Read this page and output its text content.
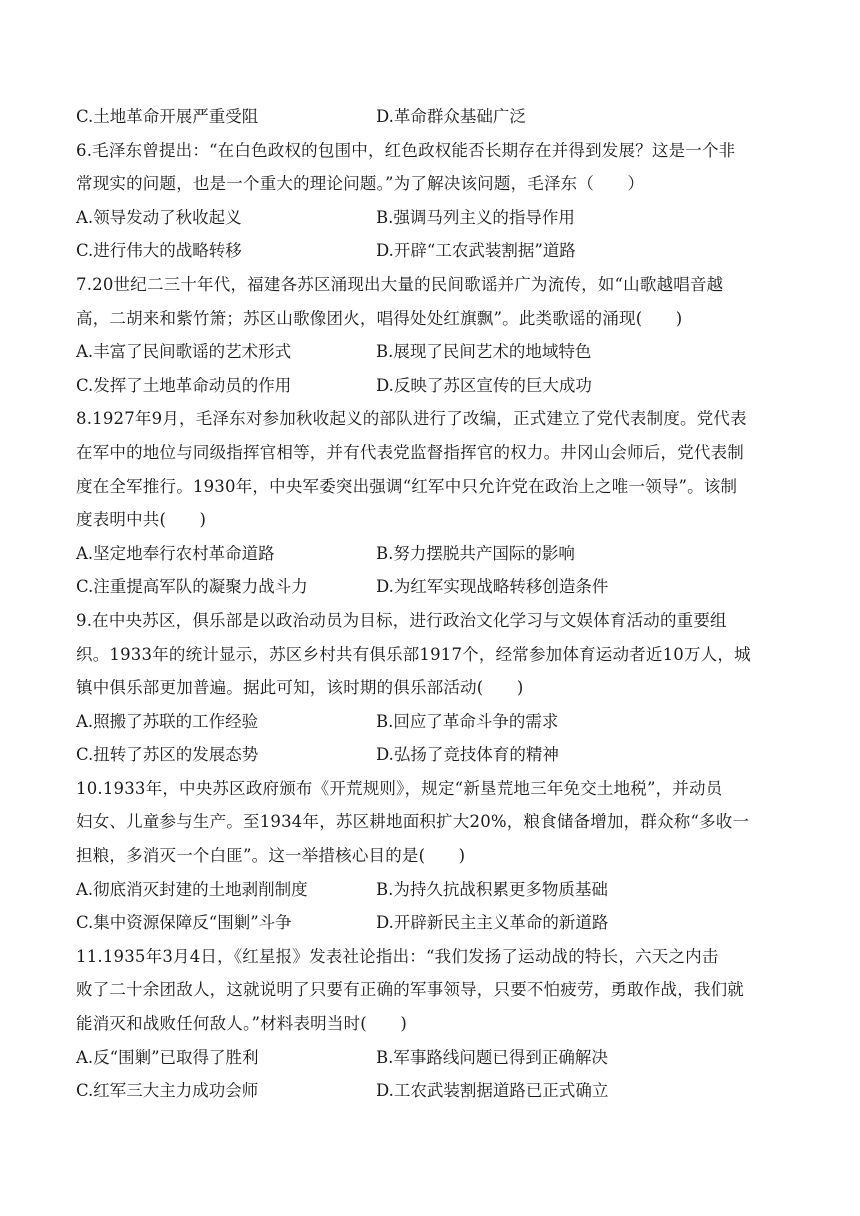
C.土地革命开展严重受阻	D.革命群众基础广泛
6.毛泽东曾提出：“在白色政权的包围中，红色政权能否长期存在并得到发展？这是一个非
常现实的问题，也是一个重大的理论问题。”为了解决该问题，毛泽东（　　）
A.领导发动了秋收起义	B.强调马列主义的指导作用
C.进行伟大的战略转移	D.开辟“工农武装割据”道路
7.20世纪二三十年代，福建各苏区涌现出大量的民间歌谣并广为流传，如“山歌越唱音越
高，二胡来和紫竹箫；苏区山歌像团火，唱得处处红旗飘”。此类歌谣的涌现(　　)
A.丰富了民间歌谣的艺术形式	B.展现了民间艺术的地域特色
C.发挥了土地革命动员的作用	D.反映了苏区宣传的巨大成功
8.1927年9月，毛泽东对参加秋收起义的部队进行了改编，正式建立了党代表制度。党代表
在军中的地位与同级指挥官相等，并有代表党监督指挥官的权力。井冈山会师后，党代表制
度在全军推行。1930年，中央军委突出强调“红军中只允许党在政治上之唯一领导”。该制
度表明中共(　　)
A.坚定地奉行农村革命道路	B.努力摆脱共产国际的影响
C.注重提高军队的凝聚力战斗力	D.为红军实现战略转移创造条件
9.在中央苏区，俱乐部是以政治动员为目标，进行政治文化学习与文娱体育活动的重要组
织。1933年的统计显示，苏区乡村共有俱乐部1917个，经常参加体育运动者近10万人，城
镇中俱乐部更加普遍。据此可知，该时期的俱乐部活动(　　)
A.照搬了苏联的工作经验	B.回应了革命斗争的需求
C.扭转了苏区的发展态势	D.弘扬了竞技体育的精神
10.1933年，中央苏区政府颁布《开荒规则》，规定“新垦荒地三年免交土地税”，并动员
妇女、儿童参与生产。至1934年，苏区耕地面积扩大20%，粮食储备增加，群众称“多收一
担粮，多消灭一个白匪”。这一举措核心目的是(　　)
A.彻底消灭封建的土地剥削制度	B.为持久抗战积累更多物质基础
C.集中资源保障反“围剿”斗争	D.开辟新民主主义革命的新道路
11.1935年3月4日，《红星报》发表社论指出：“我们发扬了运动战的特长，六天之内击
败了二十余团敌人，这就说明了只要有正确的军事领导，只要不怕疲劳，勇敢作战，我们就
能消灭和战败任何敌人。”材料表明当时(　　)
A.反“围剿”已取得了胜利	B.军事路线问题已得到正确解决
C.红军三大主力成功会师	D.工农武装割据道路已正式确立
